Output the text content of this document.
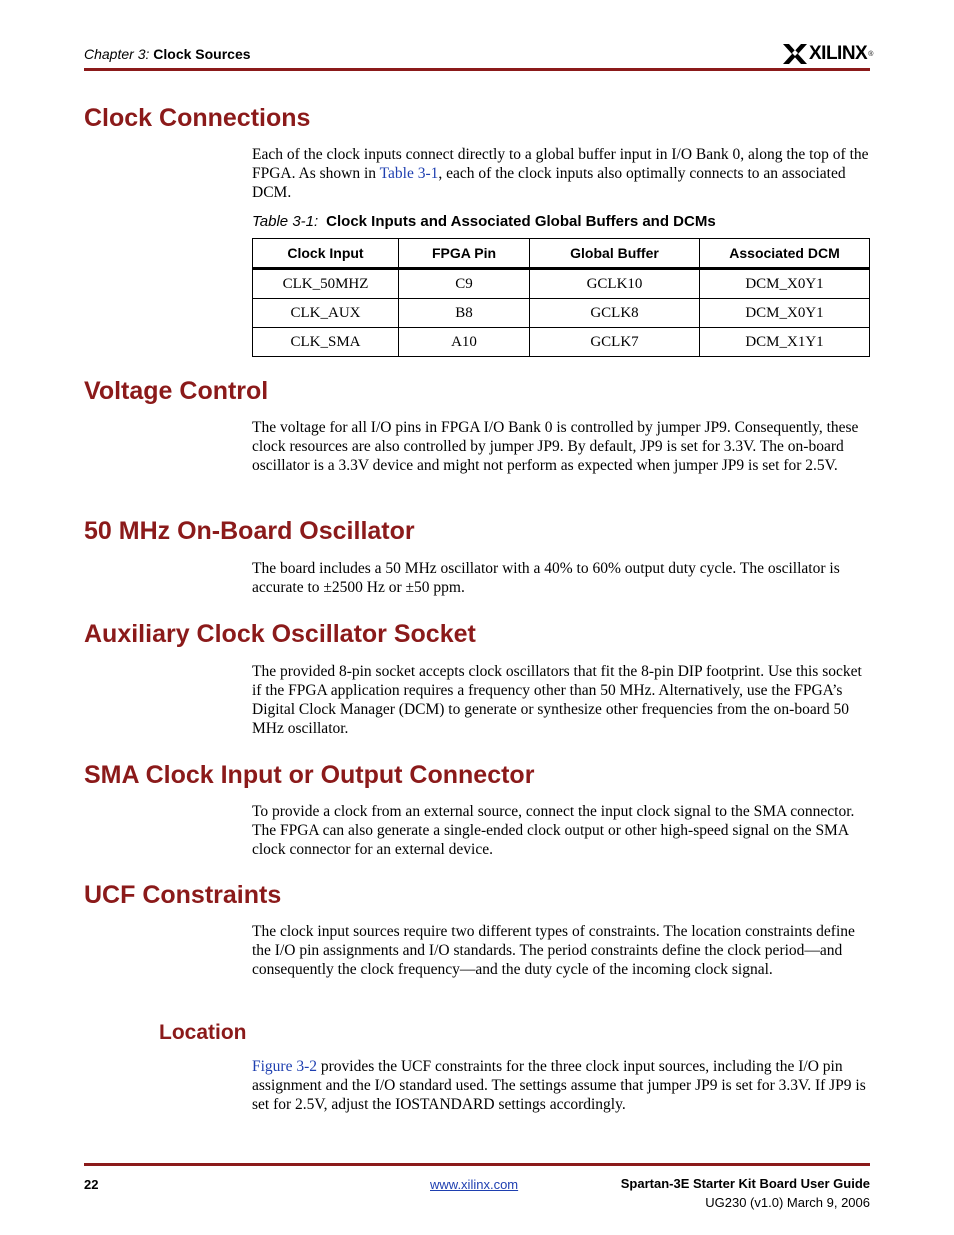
Chapter 3: Clock Sources	XILINX ®
Clock Connections

Each of the clock inputs connect directly to a global buffer input in I/O Bank 0, along the top of the FPGA. As shown in Table 3-1, each of the clock inputs also optimally connects to an associated DCM.

Table 3-1: Clock Inputs and Associated Global Buffers and DCMs
Clock Input	FPGA Pin	Global Buffer	Associated DCM
CLK_50MHZ	C9	GCLK10	DCM_X0Y1
CLK_AUX	B8	GCLK8	DCM_X0Y1
CLK_SMA	A10	GCLK7	DCM_X1Y1
Voltage Control

The voltage for all I/O pins in FPGA I/O Bank 0 is controlled by jumper JP9. Consequently, these clock resources are also controlled by jumper JP9. By default, JP9 is set for 3.3V. The on-board oscillator is a 3.3V device and might not perform as expected when jumper JP9 is set for 2.5V.

50 MHz On-Board Oscillator

The board includes a 50 MHz oscillator with a 40% to 60% output duty cycle. The oscillator is accurate to ±2500 Hz or ±50 ppm.

Auxiliary Clock Oscillator Socket

The provided 8-pin socket accepts clock oscillators that fit the 8-pin DIP footprint. Use this socket if the FPGA application requires a frequency other than 50 MHz. Alternatively, use the FPGA’s Digital Clock Manager (DCM) to generate or synthesize other frequencies from the on-board 50 MHz oscillator.

SMA Clock Input or Output Connector

To provide a clock from an external source, connect the input clock signal to the SMA connector. The FPGA can also generate a single-ended clock output or other high-speed signal on the SMA clock connector for an external device.

UCF Constraints

The clock input sources require two different types of constraints. The location constraints define the I/O pin assignments and I/O standards. The period constraints define the clock period—and consequently the clock frequency—and the duty cycle of the incoming clock signal.

Location

Figure 3-2 provides the UCF constraints for the three clock input sources, including the I/O pin assignment and the I/O standard used. The settings assume that jumper JP9 is set for 3.3V. If JP9 is set for 2.5V, adjust the IOSTANDARD settings accordingly.

22	www.xilinx.com	Spartan-3E Starter Kit Board User Guide
UG230 (v1.0) March 9, 2006
